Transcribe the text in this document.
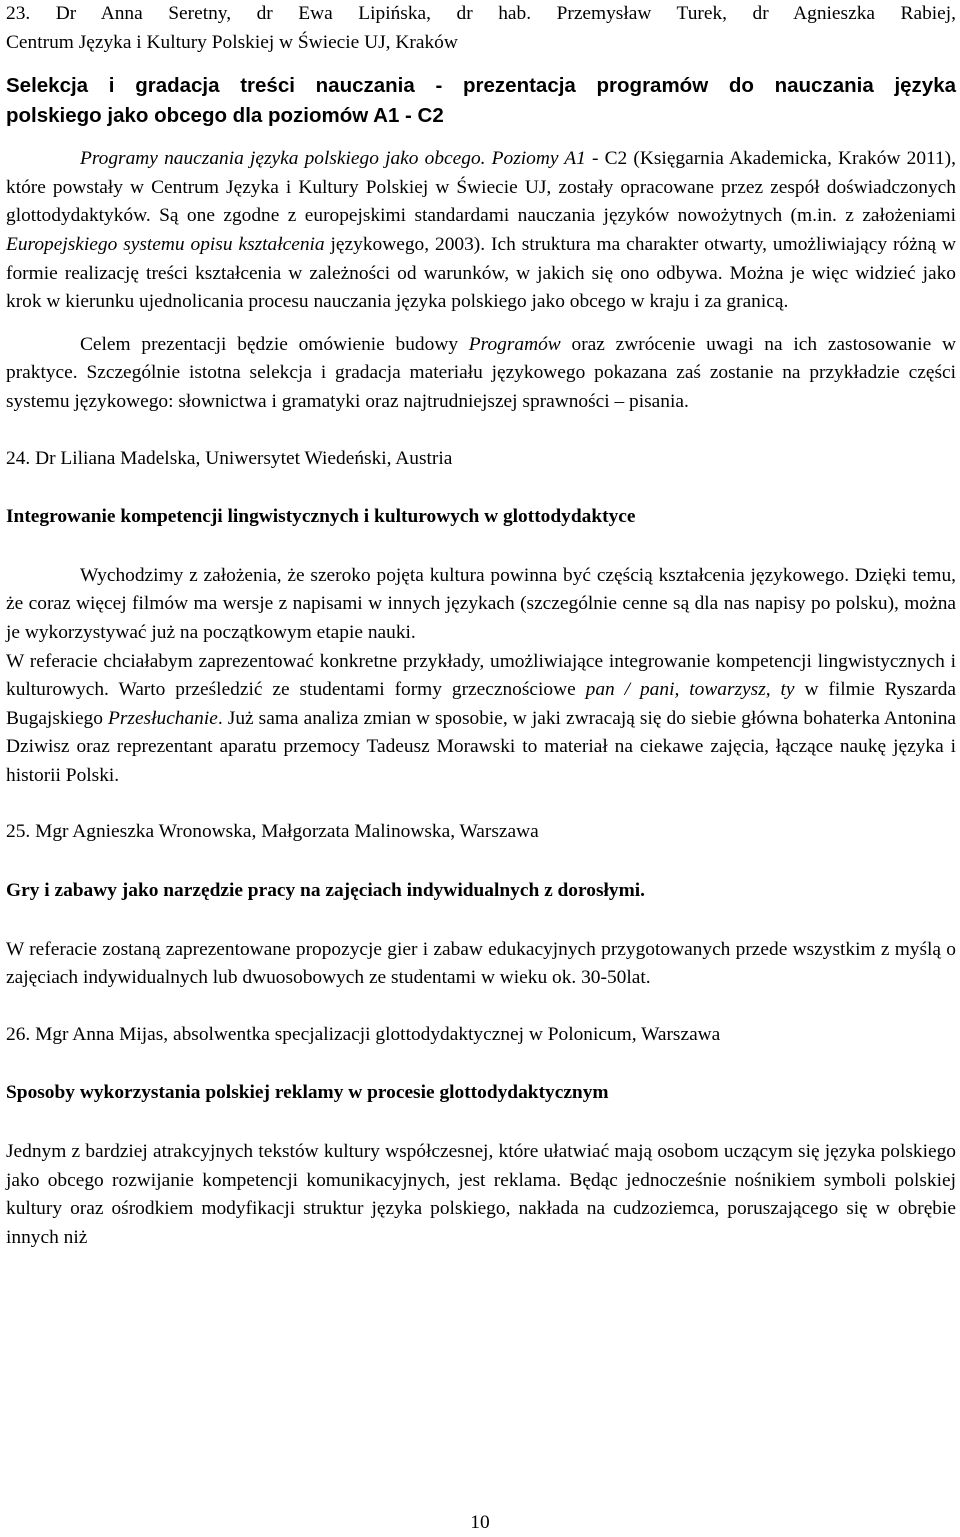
23. Dr Anna Seretny, dr Ewa Lipińska, dr hab. Przemysław Turek, dr Agnieszka Rabiej,
Centrum Języka i Kultury Polskiej w Świecie UJ, Kraków
Selekcja i gradacja treści nauczania - prezentacja programów do nauczania języka
polskiego jako obcego dla poziomów A1 - C2
Programy nauczania języka polskiego jako obcego. Poziomy A1 - C2 (Księgarnia Akademicka, Kraków 2011), które powstały w Centrum Języka i Kultury Polskiej w Świecie UJ, zostały opracowane przez zespół doświadczonych glottodydaktyków. Są one zgodne z europejskimi standardami nauczania języków nowożytnych (m.in. z założeniami Europejskiego systemu opisu kształcenia językowego, 2003). Ich struktura ma charakter otwarty, umożliwiający różną w formie realizację treści kształcenia w zależności od warunków, w jakich się ono odbywa. Można je więc widzieć jako krok w kierunku ujednolicania procesu nauczania języka polskiego jako obcego w kraju i za granicą.
Celem prezentacji będzie omówienie budowy Programów oraz zwrócenie uwagi na ich zastosowanie w praktyce. Szczególnie istotna selekcja i gradacja materiału językowego pokazana zaś zostanie na przykładzie części systemu językowego: słownictwa i gramatyki oraz najtrudniejszej sprawności – pisania.
24. Dr Liliana Madelska, Uniwersytet Wiedeński, Austria
Integrowanie kompetencji lingwistycznych i kulturowych w glottodydaktyce
Wychodzimy z założenia, że szeroko pojęta kultura powinna być częścią kształcenia językowego. Dzięki temu, że coraz więcej filmów ma wersje z napisami w innych językach (szczególnie cenne są dla nas napisy po polsku), można je wykorzystywać już na początkowym etapie nauki.
W referacie chciałabym zaprezentować konkretne przykłady, umożliwiające integrowanie kompetencji lingwistycznych i kulturowych. Warto prześledzić ze studentami formy grzecznościowe pan / pani, towarzysz, ty w filmie Ryszarda Bugajskiego Przesłuchanie. Już sama analiza zmian w sposobie, w jaki zwracają się do siebie główna bohaterka Antonina Dziwisz oraz reprezentant aparatu przemocy Tadeusz Morawski to materiał na ciekawe zajęcia, łączące naukę języka i historii Polski.
25. Mgr Agnieszka Wronowska, Małgorzata Malinowska, Warszawa
Gry i zabawy jako narzędzie pracy na zajęciach indywidualnych z dorosłymi.
W referacie zostaną zaprezentowane propozycje gier i zabaw edukacyjnych przygotowanych przede wszystkim z myślą o zajęciach indywidualnych lub dwuosobowych ze studentami w wieku ok. 30-50lat.
26. Mgr Anna Mijas, absolwentka specjalizacji glottodydaktycznej w Polonicum, Warszawa
Sposoby wykorzystania polskiej reklamy w procesie glottodydaktycznym
Jednym z bardziej atrakcyjnych tekstów kultury współczesnej, które ułatwiać mają osobom uczącym się języka polskiego jako obcego rozwijanie kompetencji komunikacyjnych, jest reklama. Będąc jednocześnie nośnikiem symboli polskiej kultury oraz ośrodkiem modyfikacji struktur języka polskiego, nakłada na cudzoziemca, poruszającego się w obrębie innych niż
10
